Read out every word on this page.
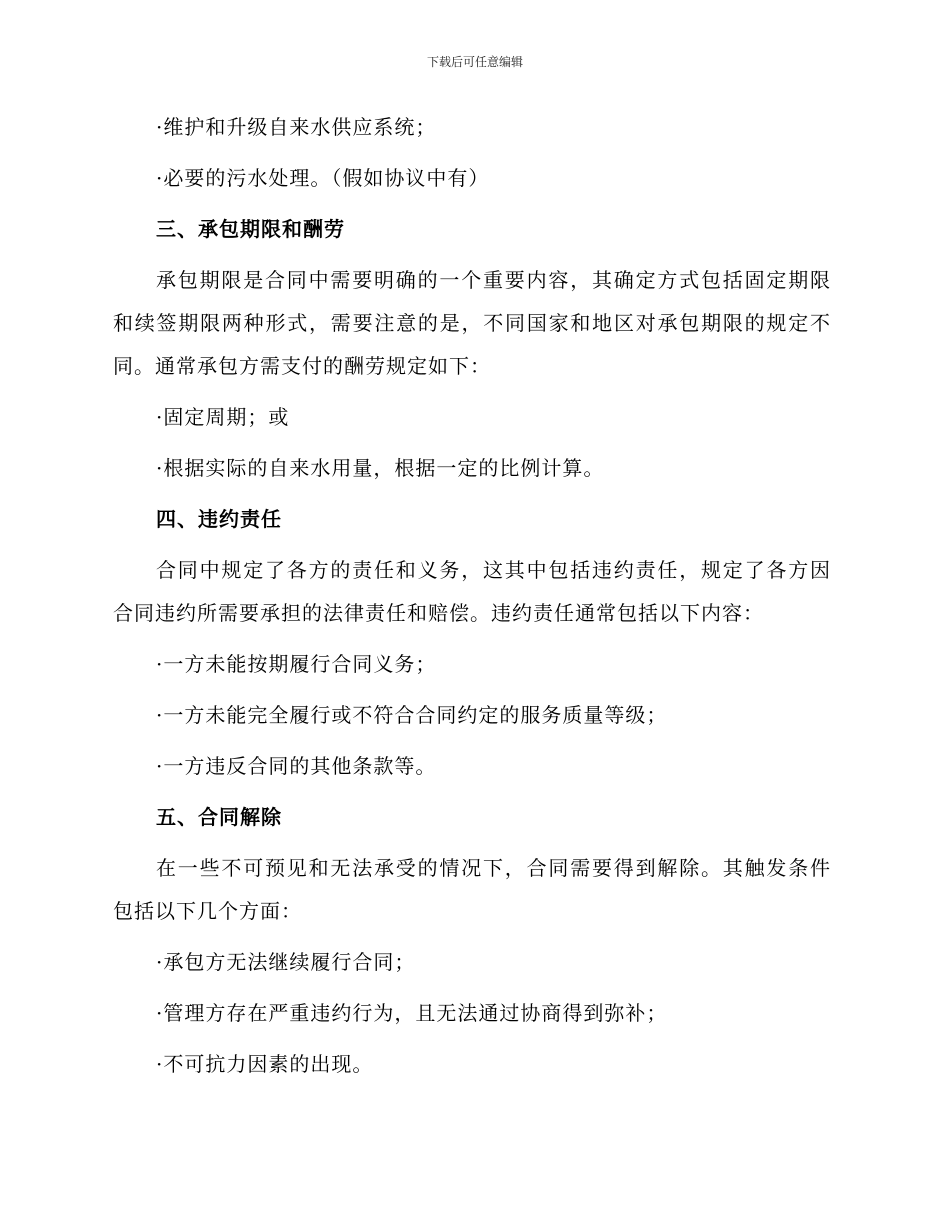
下载后可任意编辑
·维护和升级自来水供应系统；
·必要的污水处理。（假如协议中有）
三、承包期限和酬劳
承包期限是合同中需要明确的一个重要内容，其确定方式包括固定期限
和续签期限两种形式，需要注意的是，不同国家和地区对承包期限的规定不
同。通常承包方需支付的酬劳规定如下：
·固定周期；或
·根据实际的自来水用量，根据一定的比例计算。
四、违约责任
合同中规定了各方的责任和义务，这其中包括违约责任，规定了各方因
合同违约所需要承担的法律责任和赔偿。违约责任通常包括以下内容：
·一方未能按期履行合同义务；
·一方未能完全履行或不符合合同约定的服务质量等级；
·一方违反合同的其他条款等。
五、合同解除
在一些不可预见和无法承受的情况下，合同需要得到解除。其触发条件
包括以下几个方面：
·承包方无法继续履行合同；
·管理方存在严重违约行为，且无法通过协商得到弥补；
·不可抗力因素的出现。
